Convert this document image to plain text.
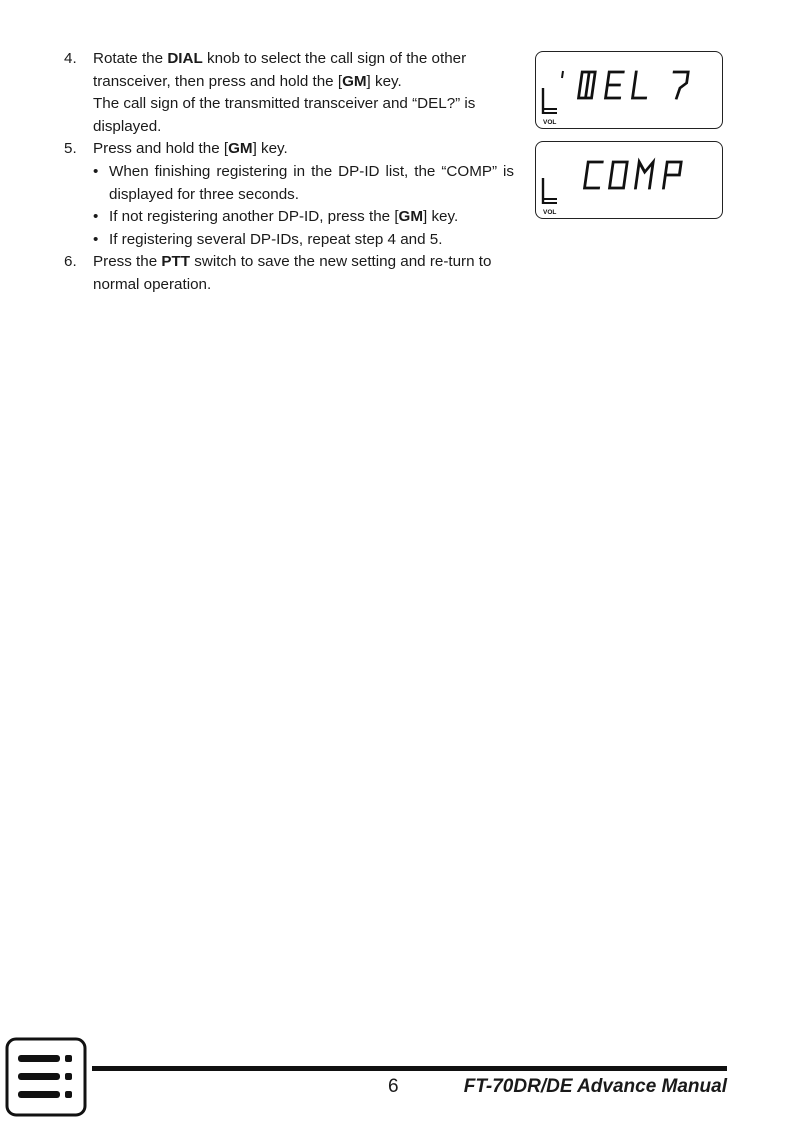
4.	Rotate the DIAL knob to select the call sign of the other transceiver, then press and hold the [GM] key.

The call sign of the transmitted transceiver and “DEL?” is displayed.

5.	Press and hold the [GM] key.

• When finishing registering in the DP-ID list, the “COMP” is displayed for three seconds.
• If not registering another DP-ID, press the [GM] key.
• If registering several DP-IDs, repeat step 4 and 5.
6.	Press the PTT switch to save the new setting and re-turn to normal operation.

VOL
VOL
6	FT-70DR/DE Advance Manual
